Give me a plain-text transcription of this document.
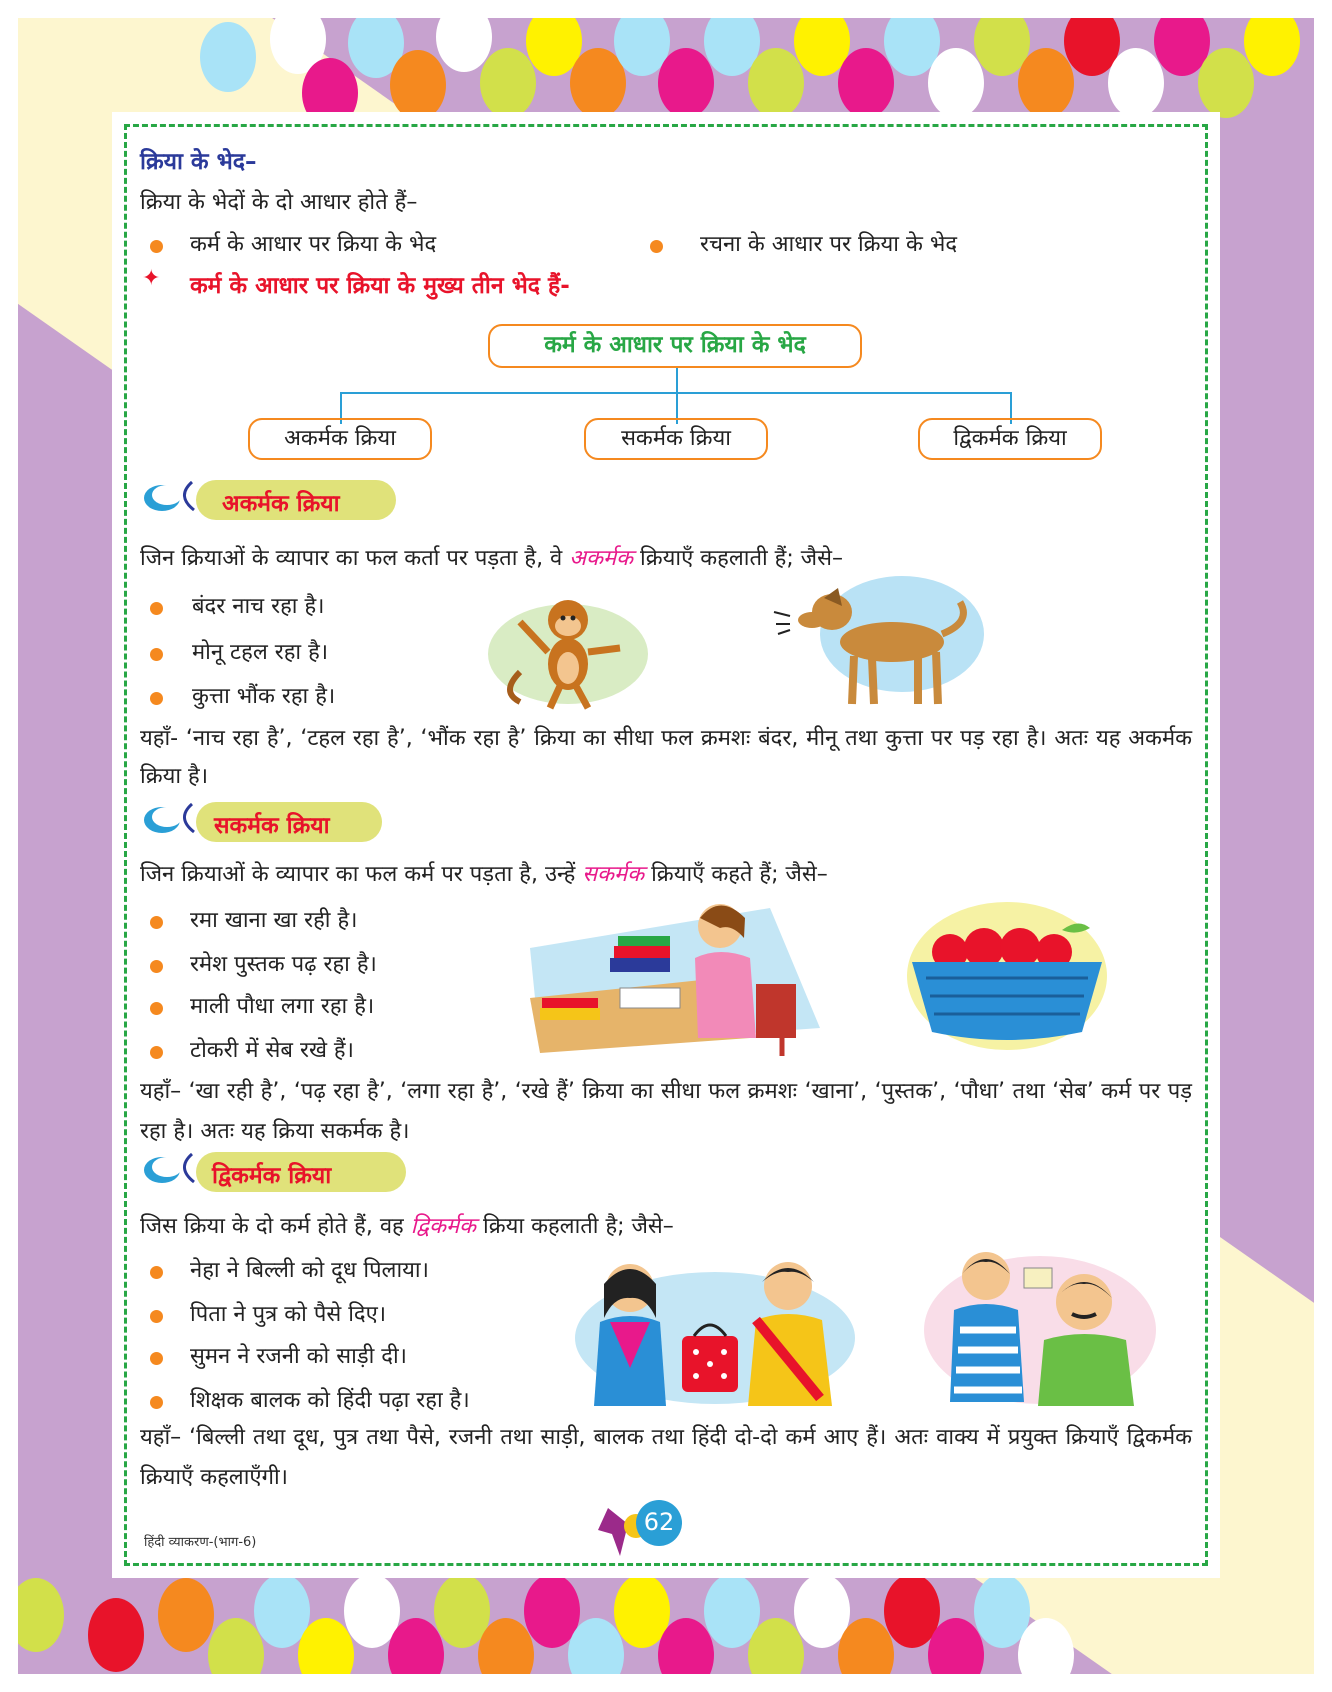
क्रिया के भेद–
क्रिया के भेदों के दो आधार होते हैं–
कर्म के आधार पर क्रिया के भेद	रचना के आधार पर क्रिया के भेद
✦ कर्म के आधार पर क्रिया के मुख्य तीन भेद हैं-
कर्म के आधार पर क्रिया के भेद
अकर्मक क्रिया	सकर्मक क्रिया	द्विकर्मक क्रिया
अकर्मक क्रिया
जिन क्रियाओं के व्यापार का फल कर्ता पर पड़ता है, वे अकर्मक क्रियाएँ कहलाती हैं; जैसे–
बंदर नाच रहा है।
मोनू टहल रहा है।
कुत्ता भौंक रहा है।
यहाँ- ‘नाच रहा है’, ‘टहल रहा है’, ‘भौंक रहा है’ क्रिया का सीधा फल क्रमशः बंदर, मीनू तथा कुत्ता पर पड़ रहा है। अतः यह अकर्मक क्रिया है।
सकर्मक क्रिया
जिन क्रियाओं के व्यापार का फल कर्म पर पड़ता है, उन्हें सकर्मक क्रियाएँ कहते हैं; जैसे–
रमा खाना खा रही है।
रमेश पुस्तक पढ़ रहा है।
माली पौधा लगा रहा है।
टोकरी में सेब रखे हैं।
यहाँ– ‘खा रही है’, ‘पढ़ रहा है’, ‘लगा रहा है’, ‘रखे हैं’ क्रिया का सीधा फल क्रमशः ‘खाना’, ‘पुस्तक’, ‘पौधा’ तथा ‘सेब’ कर्म पर पड़ रहा है। अतः यह क्रिया सकर्मक है।
द्विकर्मक क्रिया
जिस क्रिया के दो कर्म होते हैं, वह द्विकर्मक क्रिया कहलाती है; जैसे–
नेहा ने बिल्ली को दूध पिलाया।
पिता ने पुत्र को पैसे दिए।
सुमन ने रजनी को साड़ी दी।
शिक्षक बालक को हिंदी पढ़ा रहा है।
यहाँ– ‘बिल्ली तथा दूध, पुत्र तथा पैसे, रजनी तथा साड़ी, बालक तथा हिंदी दो-दो कर्म आए हैं। अतः वाक्य में प्रयुक्त क्रियाएँ द्विकर्मक क्रियाएँ कहलाएँगी।
हिंदी व्याकरण-(भाग-6)
62
